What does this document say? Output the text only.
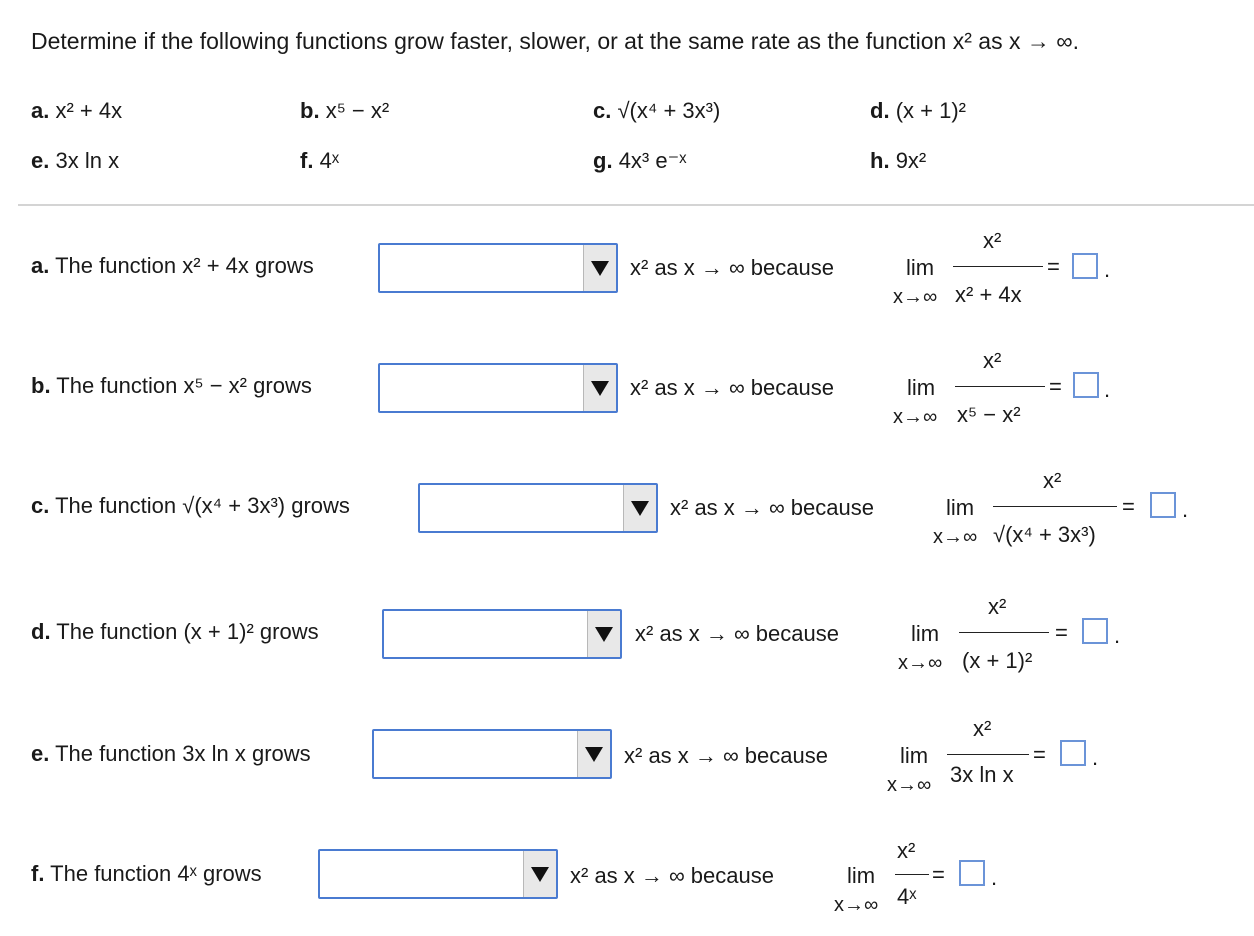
Determine if the following functions grow faster, slower, or at the same rate as the function x² as x → ∞.
a. x² + 4x	b. x⁵ − x²	c. √(x⁴ + 3x³)	d. (x + 1)²
e. 3x ln x	f. 4ˣ	g. 4x³ e⁻ˣ	h. 9x²
a. The function x² + 4x grows	x² as x → ∞ because	lim
x→∞
x²
x² + 4x
= .
b. The function x⁵ − x² grows	x² as x → ∞ because	lim
x→∞
x²
x⁵ − x²
= .
c. The function √(x⁴ + 3x³) grows	x² as x → ∞ because	lim
x→∞
x²
√(x⁴ + 3x³)
= .
d. The function (x + 1)² grows	x² as x → ∞ because	lim
x→∞
x²
(x + 1)²
= .
e. The function 3x ln x grows	x² as x → ∞ because	lim
x→∞
x²
3x ln x
= .
f. The function 4ˣ grows	x² as x → ∞ because	lim
x→∞
x²
4ˣ
= .
